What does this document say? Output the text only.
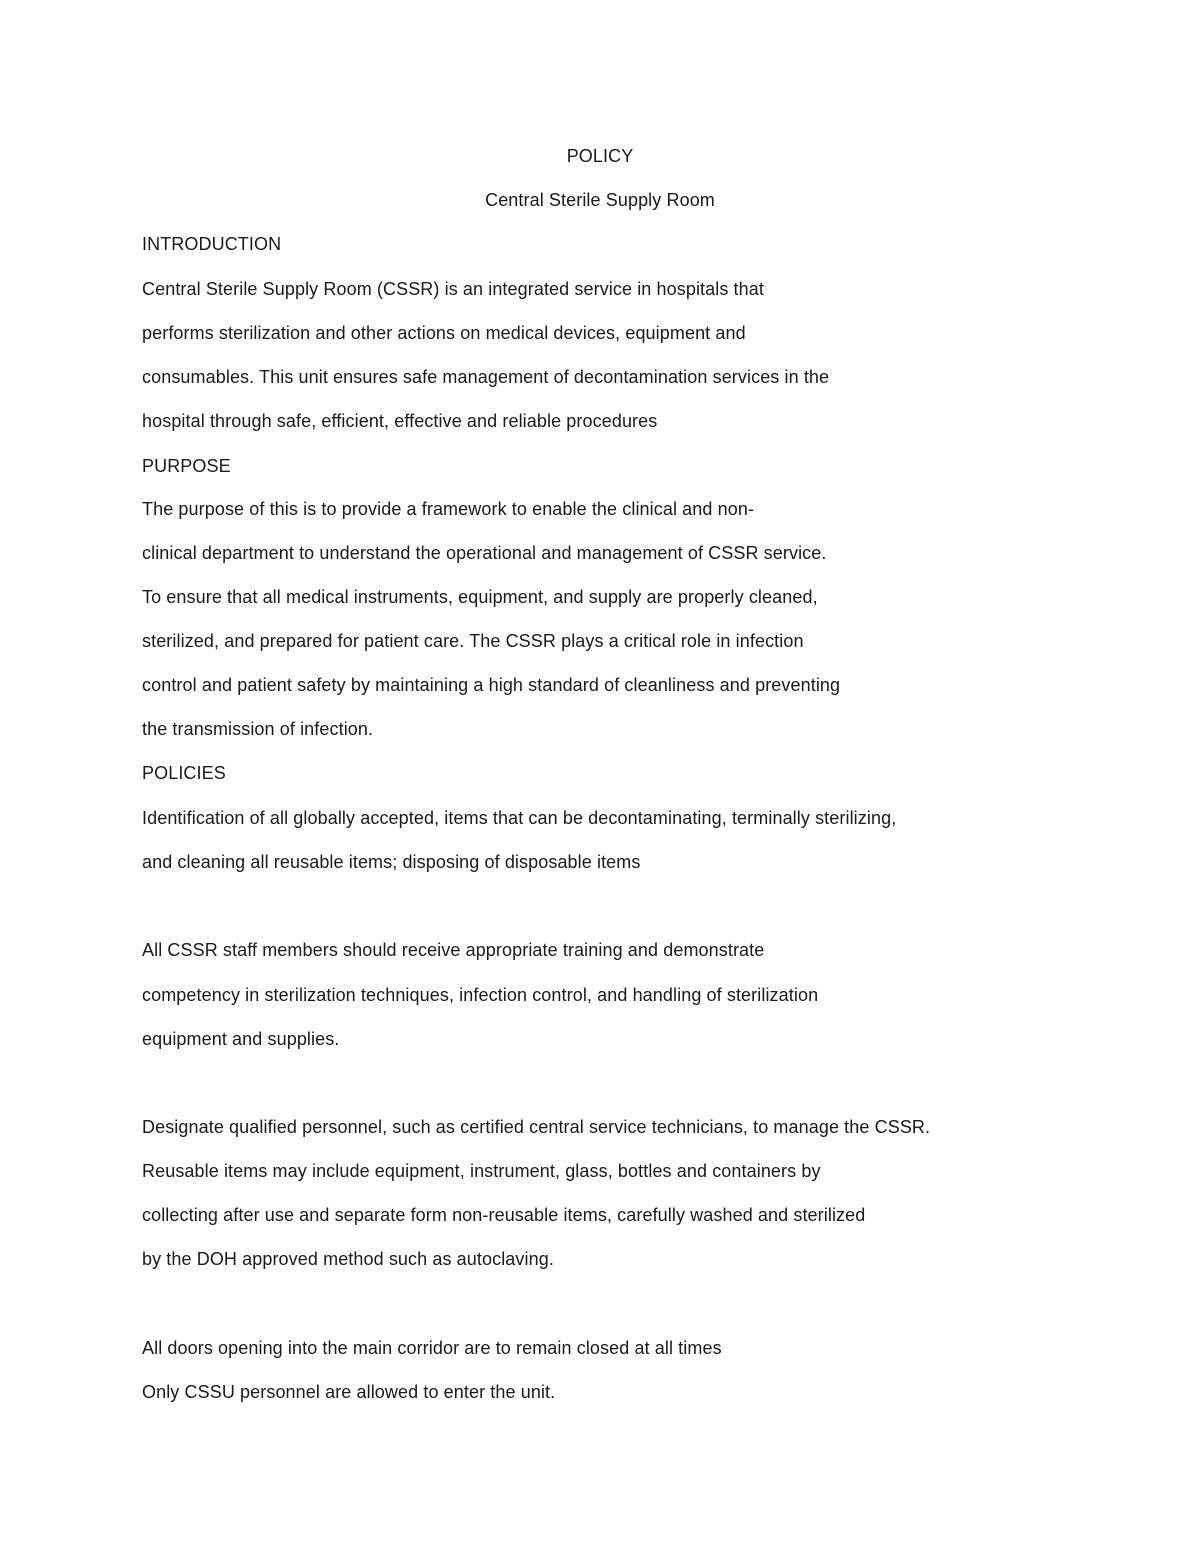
POLICY
Central Sterile Supply Room
INTRODUCTION
Central Sterile Supply Room (CSSR) is an integrated service in hospitals that
performs sterilization and other actions on medical devices, equipment and
consumables. This unit ensures safe management of decontamination services in the
hospital through safe, efficient, effective and reliable procedures
PURPOSE
The purpose of this is to provide a framework to enable the clinical and non-
clinical department to understand the operational and management of CSSR service.
To ensure that all medical instruments, equipment, and supply are properly cleaned,
sterilized, and prepared for patient care. The CSSR plays a critical role in infection
control and patient safety by maintaining a high standard of cleanliness and preventing
the transmission of infection.
POLICIES
Identification of all globally accepted, items that can be decontaminating, terminally sterilizing,
and cleaning all reusable items; disposing of disposable items
All CSSR staff members should receive appropriate training and demonstrate
competency in sterilization techniques, infection control, and handling of sterilization
equipment and supplies.
Designate qualified personnel, such as certified central service technicians, to manage the CSSR.
Reusable items may include equipment, instrument, glass, bottles and containers by
collecting after use and separate form non-reusable items, carefully washed and sterilized
by the DOH approved method such as autoclaving.
All doors opening into the main corridor are to remain closed at all times
Only CSSU personnel are allowed to enter the unit.
